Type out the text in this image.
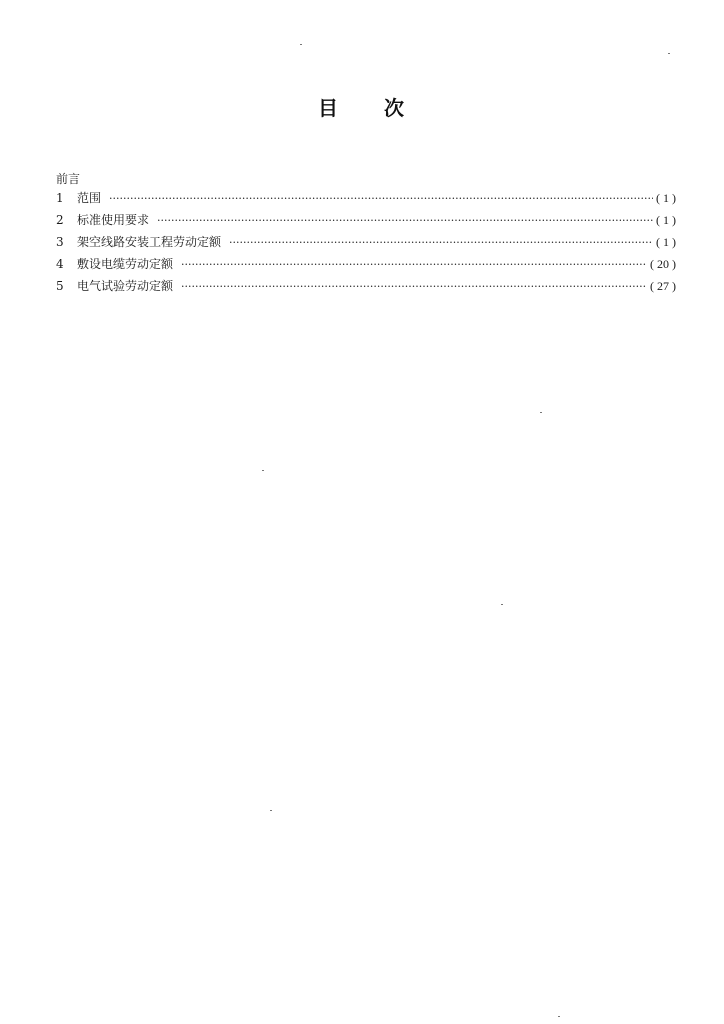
目 次
前言
1	范围 ·····	( 1 )
2	标准使用要求 ·····	( 1 )
3	架空线路安装工程劳动定额 ·····	( 1 )
4	敷设电缆劳动定额 ·····	( 20 )
5	电气试验劳动定额 ·····	( 27 )
